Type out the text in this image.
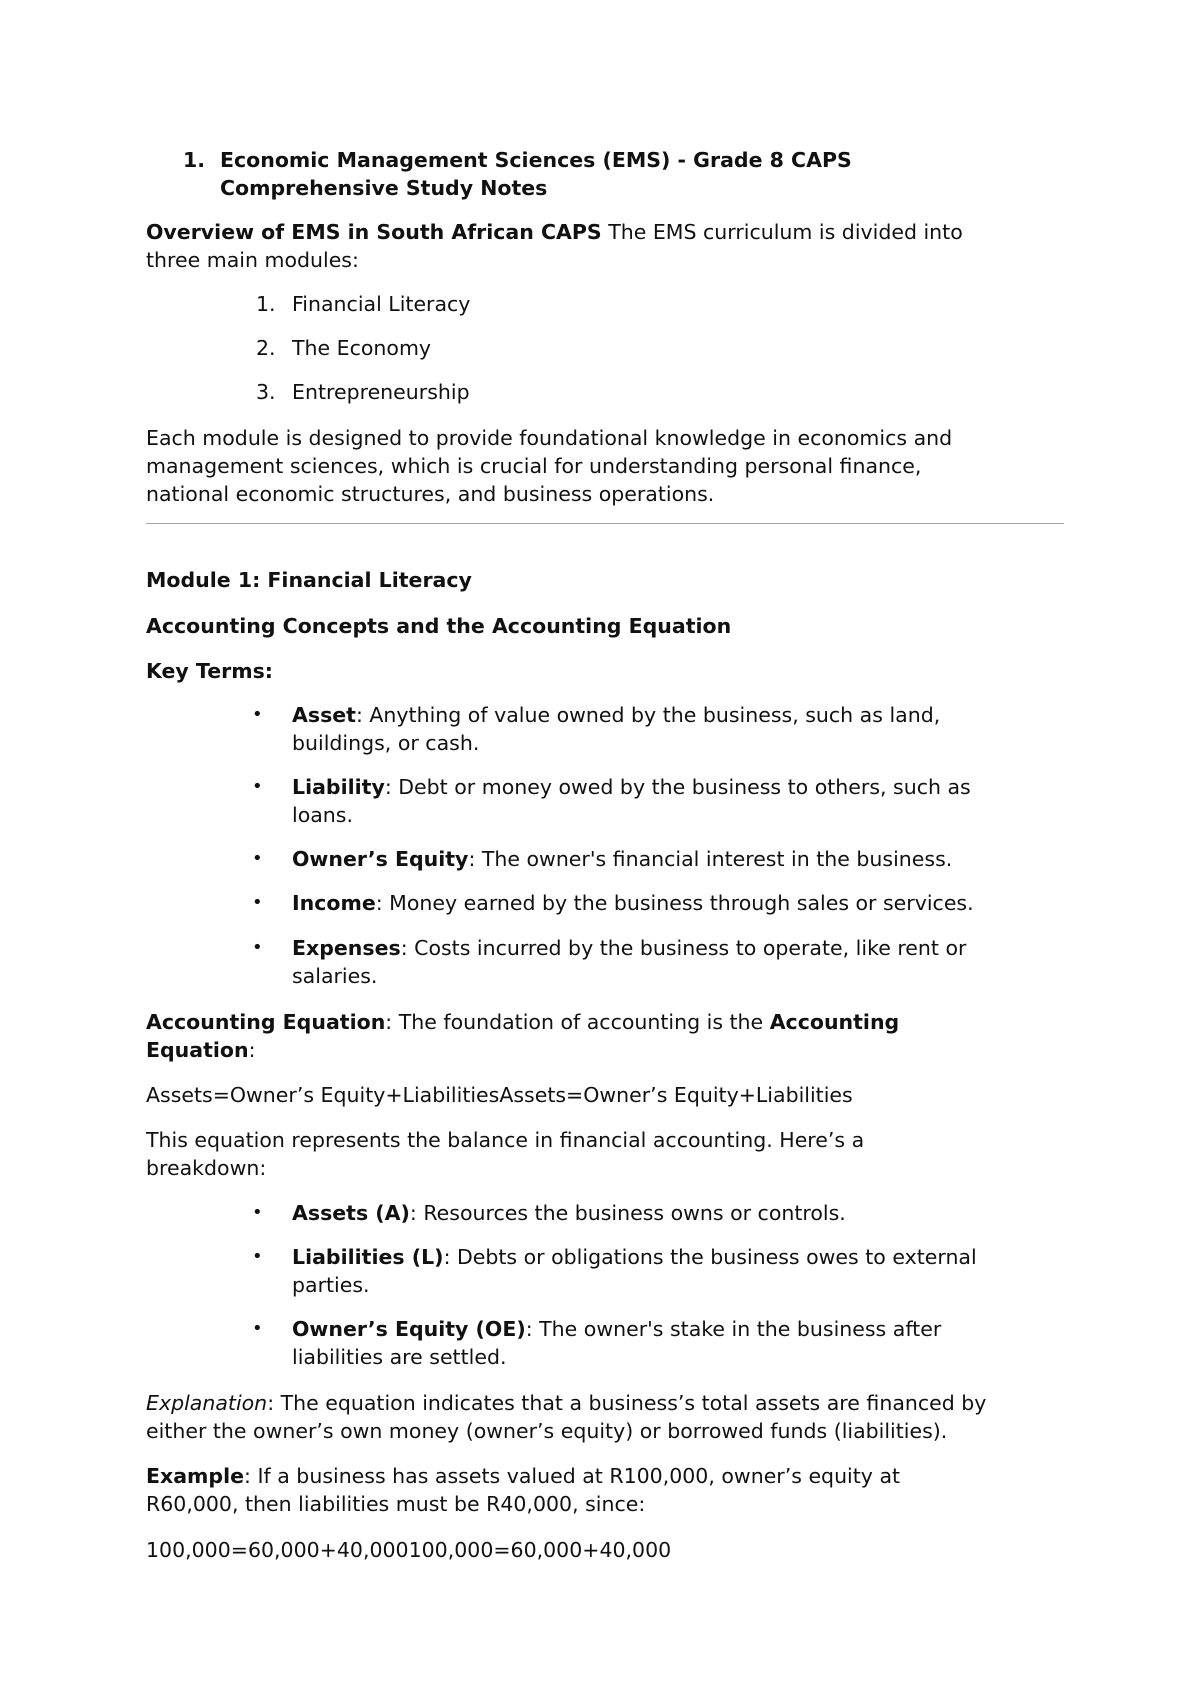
1. Economic Management Sciences (EMS) - Grade 8 CAPS
Comprehensive Study Notes
Overview of EMS in South African CAPS The EMS curriculum is divided into
three main modules:
1. Financial Literacy
2. The Economy
3. Entrepreneurship
Each module is designed to provide foundational knowledge in economics and
management sciences, which is crucial for understanding personal finance,
national economic structures, and business operations.
Module 1: Financial Literacy
Accounting Concepts and the Accounting Equation
Key Terms:
•	Asset: Anything of value owned by the business, such as land,
buildings, or cash.
•	Liability: Debt or money owed by the business to others, such as
loans.
•	Owner’s Equity: The owner's financial interest in the business.
•	Income: Money earned by the business through sales or services.
•	Expenses: Costs incurred by the business to operate, like rent or
salaries.
Accounting Equation: The foundation of accounting is the Accounting
Equation:
Assets=Owner’s Equity+LiabilitiesAssets=Owner’s Equity+Liabilities
This equation represents the balance in financial accounting. Here’s a
breakdown:
•	Assets (A): Resources the business owns or controls.
•	Liabilities (L): Debts or obligations the business owes to external
parties.
•	Owner’s Equity (OE): The owner's stake in the business after
liabilities are settled.
Explanation: The equation indicates that a business’s total assets are financed by
either the owner’s own money (owner’s equity) or borrowed funds (liabilities).
Example: If a business has assets valued at R100,000, owner’s equity at
R60,000, then liabilities must be R40,000, since:
100,000=60,000+40,000100,000=60,000+40,000
